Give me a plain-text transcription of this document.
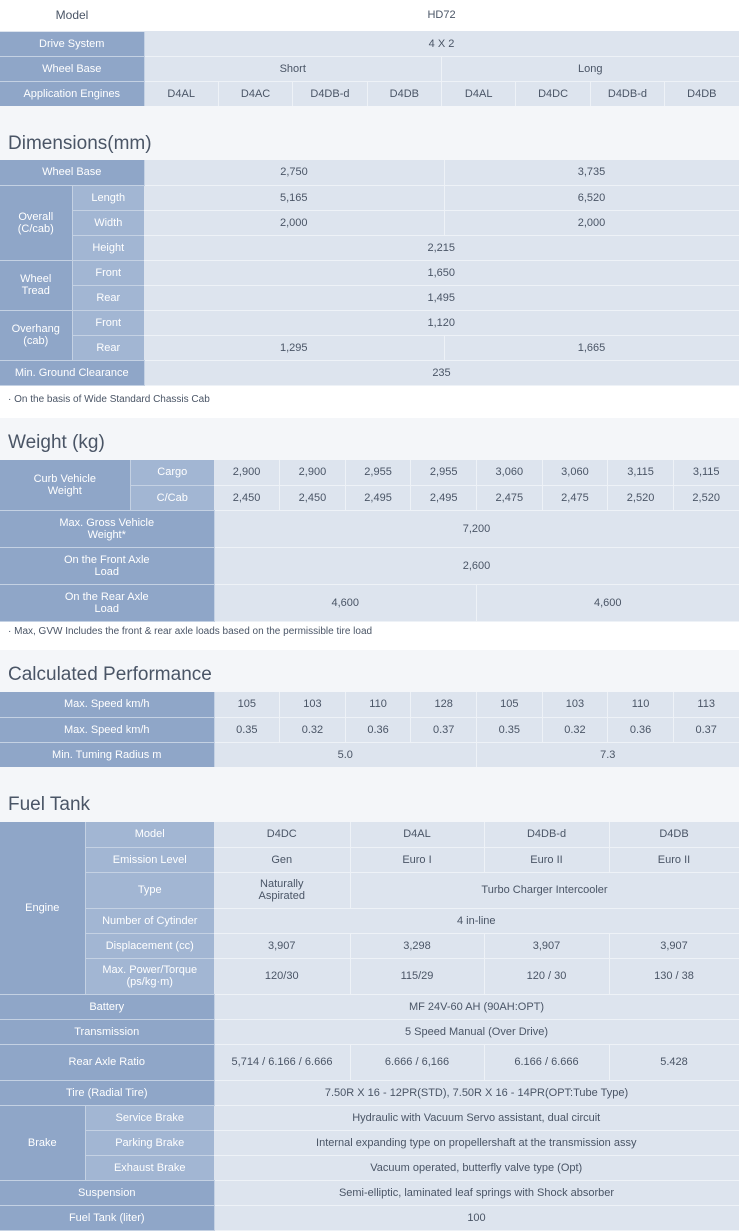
Model	HD72							
Drive System	4 X 2							
Wheel Base	Short				Long			
Application Engines	D4AL	D4AC	D4DB-d	D4DB	D4AL	D4DC	D4DB-d	D4DB
Dimensions(mm)
Wheel Base		2,750	3,735
Overall (C/cab)	Length	5,165	6,520
	Width	2,000	2,000
	Height	2,215	
Wheel Tread	Front	1,650	
	Rear	1,495	
Overhang (cab)	Front	1,120	
	Rear	1,295	1,665
Min. Ground Clearance		235	
· On the basis of Wide Standard Chassis Cab
Weight (kg)
Curb Vehicle Weight	Cargo	2,900	2,900	2,955	2,955	3,060	3,060	3,115	3,115
	C/Cab	2,450	2,450	2,495	2,495	2,475	2,475	2,520	2,520
Max. Gross Vehicle Weight*		7,200							
On the Front Axle Load		2,600							
On the Rear Axle Load		4,600				4,600			
· Max, GVW Includes the front & rear axle loads based on the permissible tire load
Calculated Performance
Max. Speed km/h	105	103	110	128	105	103	110	113
Max. Speed km/h	0.35	0.32	0.36	0.37	0.35	0.32	0.36	0.37
Min. Tuming Radius m	5.0				7.3			
Fuel Tank
Engine	Model	D4DC	D4AL	D4DB-d	D4DB
	Emission Level	Gen	Euro I	Euro II	Euro II
	Type	Naturally Aspirated	Turbo Charger Intercooler		
	Number of Cytinder	4 in-line			
	Displacement (cc)	3,907	3,298	3,907	3,907
	Max. Power/Torque (ps/kg·m)	120/30	115/29	120 / 30	130 / 38
Battery		MF 24V-60 AH (90AH:OPT)			
Transmission		5 Speed Manual (Over Drive)			
Rear Axle Ratio		5,714 / 6.166 / 6.666	6.666 / 6,166	6.166 / 6.666	5.428
Tire (Radial Tire)		7.50R X 16 - 12PR(STD), 7.50R X 16 - 14PR(OPT:Tube Type)			
Brake	Service Brake	Hydraulic with Vacuum Servo assistant, dual circuit			
	Parking Brake	Internal expanding type on propellershaft at the transmission assy			
	Exhaust Brake	Vacuum operated, butterfly valve type (Opt)			
Suspension		Semi-elliptic, laminated leaf springs with Shock absorber			
Fuel Tank (liter)		100			
